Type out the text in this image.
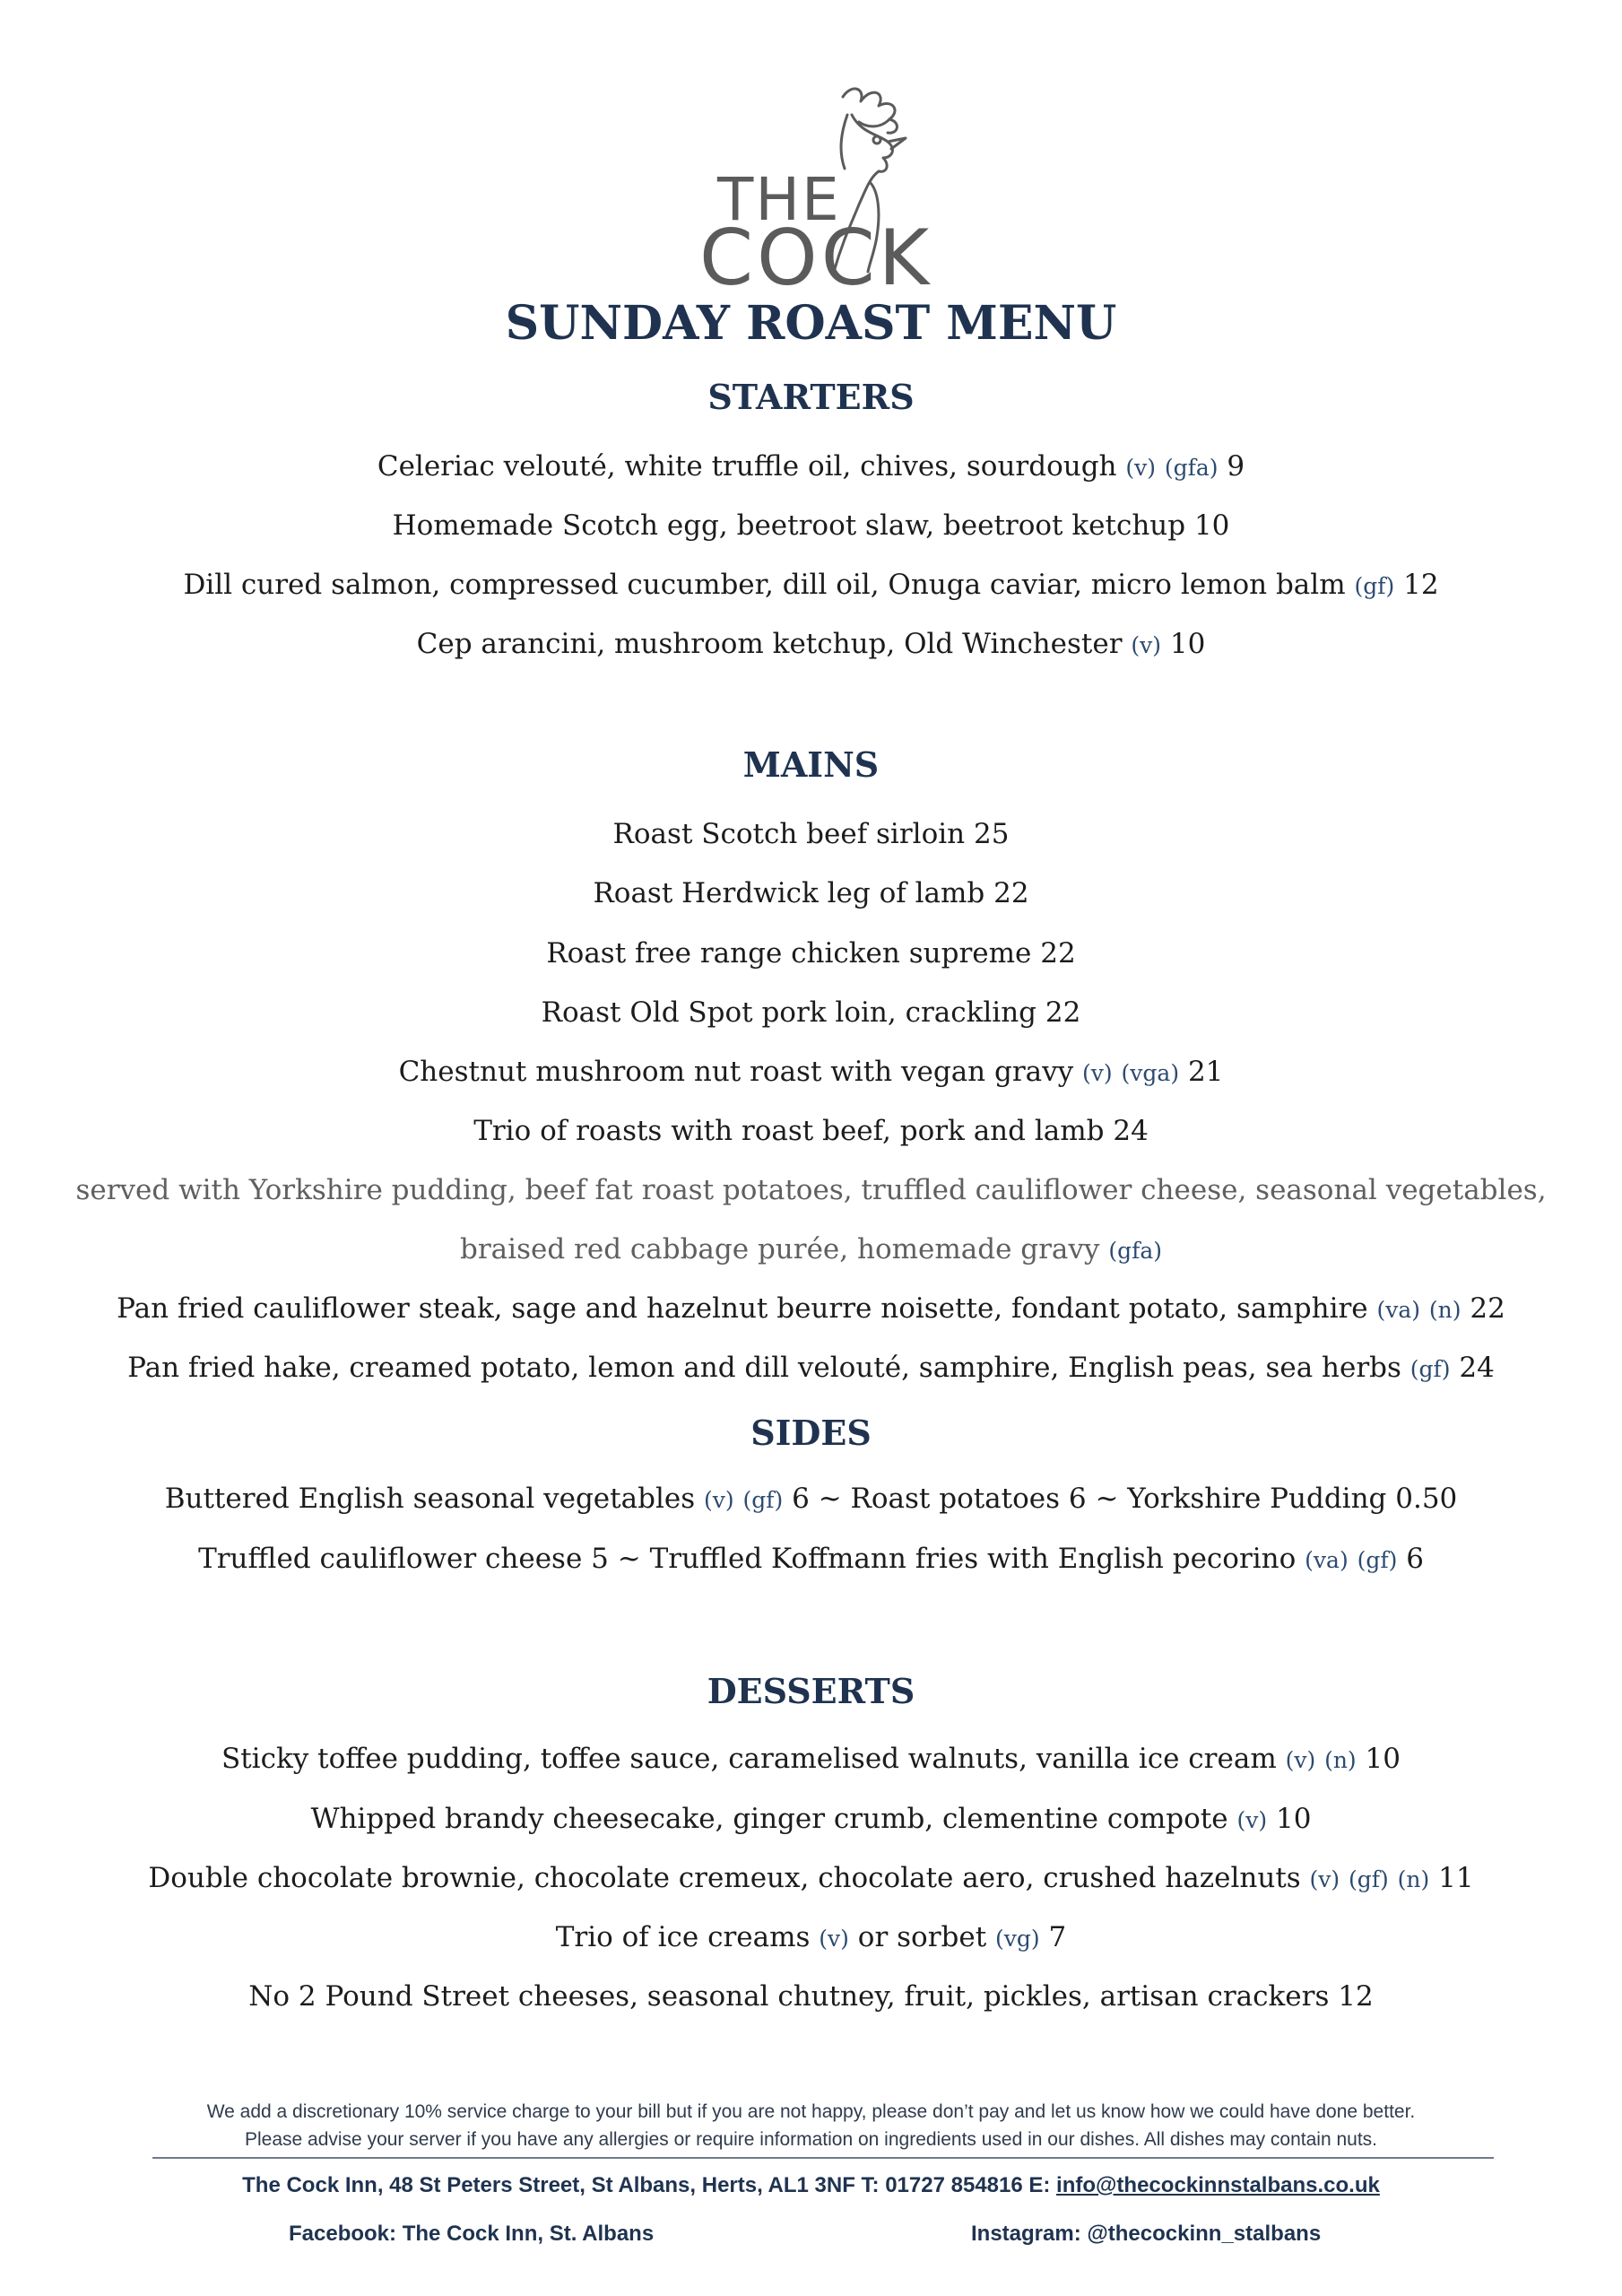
THE
COCK
SUNDAY ROAST MENU
STARTERS
Celeriac velouté, white truffle oil, chives, sourdough (v) (gfa) 9
Homemade Scotch egg, beetroot slaw, beetroot ketchup 10
Dill cured salmon, compressed cucumber, dill oil, Onuga caviar, micro lemon balm (gf) 12
Cep arancini, mushroom ketchup, Old Winchester (v) 10
MAINS
Roast Scotch beef sirloin 25
Roast Herdwick leg of lamb 22
Roast free range chicken supreme 22
Roast Old Spot pork loin, crackling 22
Chestnut mushroom nut roast with vegan gravy (v) (vga) 21
Trio of roasts with roast beef, pork and lamb 24
served with Yorkshire pudding, beef fat roast potatoes, truffled cauliflower cheese, seasonal vegetables,
braised red cabbage purée, homemade gravy (gfa)
Pan fried cauliflower steak, sage and hazelnut beurre noisette, fondant potato, samphire (va) (n) 22
Pan fried hake, creamed potato, lemon and dill velouté, samphire, English peas, sea herbs (gf) 24
SIDES
Buttered English seasonal vegetables (v) (gf) 6 ~ Roast potatoes 6 ~ Yorkshire Pudding 0.50
Truffled cauliflower cheese 5 ~ Truffled Koffmann fries with English pecorino (va) (gf) 6
DESSERTS
Sticky toffee pudding, toffee sauce, caramelised walnuts, vanilla ice cream (v) (n) 10
Whipped brandy cheesecake, ginger crumb, clementine compote (v) 10
Double chocolate brownie, chocolate cremeux, chocolate aero, crushed hazelnuts (v) (gf) (n) 11
Trio of ice creams (v) or sorbet (vg) 7
No 2 Pound Street cheeses, seasonal chutney, fruit, pickles, artisan crackers 12
We add a discretionary 10% service charge to your bill but if you are not happy, please don’t pay and let us know how we could have done better.
Please advise your server if you have any allergies or require information on ingredients used in our dishes. All dishes may contain nuts.
The Cock Inn, 48 St Peters Street, St Albans, Herts, AL1 3NF T: 01727 854816 E: info@thecockinnstalbans.co.uk
Facebook: The Cock Inn, St. Albans	Instagram: @thecockinn_stalbans
